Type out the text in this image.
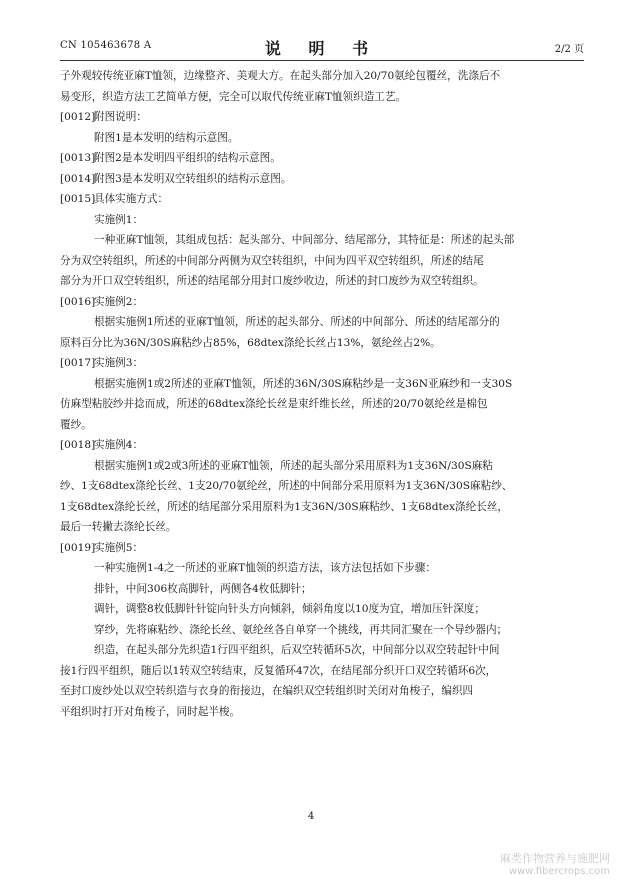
CN 105463678 A	说 明 书	2/2 页
子外观较传统亚麻T恤领，边缘整齐、美观大方。在起头部分加入20/70氨纶包覆丝，洗涤后不
易变形，织造方法工艺简单方便，完全可以取代传统亚麻T恤领织造工艺。
[0012]附图说明：
附图1是本发明的结构示意图。
[0013]附图2是本发明四平组织的结构示意图。
[0014]附图3是本发明双空转组织的结构示意图。
[0015]具体实施方式：
实施例1：
一种亚麻T恤领，其组成包括：起头部分、中间部分、结尾部分，其特征是：所述的起头部
分为双空转组织，所述的中间部分两侧为双空转组织，中间为四平双空转组织，所述的结尾
部分为开口双空转组织，所述的结尾部分用封口废纱收边，所述的封口废纱为双空转组织。
[0016]实施例2：
根据实施例1所述的亚麻T恤领，所述的起头部分、所述的中间部分、所述的结尾部分的
原料百分比为36N/30S麻粘纱占85%，68dtex涤纶长丝占13%，氨纶丝占2%。
[0017]实施例3：
根据实施例1或2所述的亚麻T恤领，所述的36N/30S麻粘纱是一支36N亚麻纱和一支30S
仿麻型粘胶纱并捻而成，所述的68dtex涤纶长丝是束纤维长丝，所述的20/70氨纶丝是棉包
覆纱。
[0018]实施例4：
根据实施例1或2或3所述的亚麻T恤领，所述的起头部分采用原料为1支36N/30S麻粘
纱、1支68dtex涤纶长丝、1支20/70氨纶丝，所述的中间部分采用原料为1支36N/30S麻粘纱、
1支68dtex涤纶长丝，所述的结尾部分采用原料为1支36N/30S麻粘纱、1支68dtex涤纶长丝，
最后一转撇去涤纶长丝。
[0019]实施例5：
一种实施例1-4之一所述的亚麻T恤领的织造方法，该方法包括如下步骤：
排针，中间306枚高脚针，两侧各4枚低脚针；
调针，调整8枚低脚针针锭向针头方向倾斜，倾斜角度以10度为宜，增加压针深度；
穿纱，先将麻粘纱、涤纶长丝、氨纶丝各自单穿一个挑线，再共同汇聚在一个导纱器内；
织造，在起头部分先织造1行四平组织，后双空转循环5次，中间部分以双空转起针中间
接1行四平组织，随后以1转双空转结束，反复循环47次，在结尾部分织开口双空转循环6次，
至封口废纱处以双空转织造与衣身的衔接边，在编织双空转组织时关闭对角梭子，编织四
平组织时打开对角梭子，同时起半梭。
4
麻类作物营养与施肥网
www.fibercrops.com
